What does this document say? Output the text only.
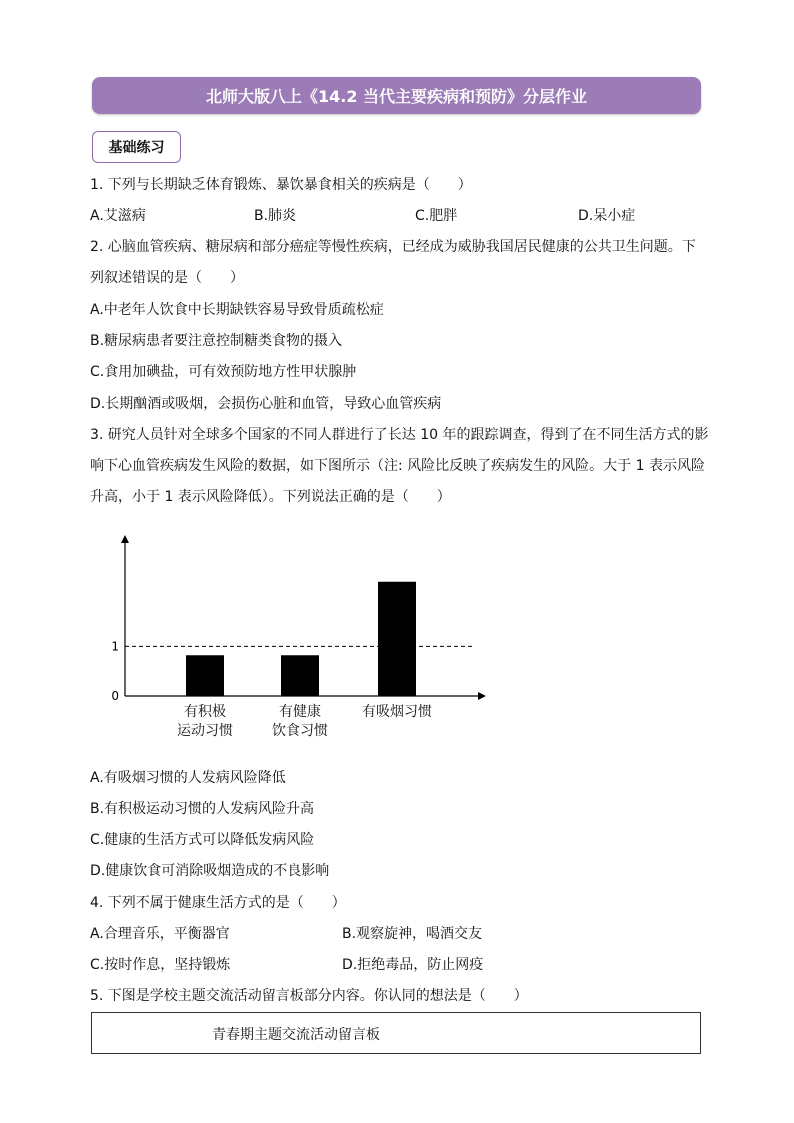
北师大版八上《14.2 当代主要疾病和预防》分层作业
基础练习
1. 下列与长期缺乏体育锻炼、暴饮暴食相关的疾病是（　　）
A.艾滋病	B.肺炎	C.肥胖	D.呆小症
2. 心脑血管疾病、糖尿病和部分癌症等慢性疾病，已经成为威胁我国居民健康的公共卫生问题。下
列叙述错误的是（　　）
A.中老年人饮食中长期缺铁容易导致骨质疏松症
B.糖尿病患者要注意控制糖类食物的摄入
C.食用加碘盐，可有效预防地方性甲状腺肿
D.长期酗酒或吸烟，会损伤心脏和血管，导致心血管疾病
3. 研究人员针对全球多个国家的不同人群进行了长达 10 年的跟踪调查，得到了在不同生活方式的影
响下心血管疾病发生风险的数据，如下图所示（注: 风险比反映了疾病发生的风险。大于 1 表示风险
升高，小于 1 表示风险降低）。下列说法正确的是（　　）
0
1
有积极
运动习惯
有健康
饮食习惯
有吸烟习惯
A.有吸烟习惯的人发病风险降低
B.有积极运动习惯的人发病风险升高
C.健康的生活方式可以降低发病风险
D.健康饮食可消除吸烟造成的不良影响
4. 下列不属于健康生活方式的是（　　）
A.合理音乐，平衡器官	B.观察旋神，喝酒交友
C.按时作息，坚持锻炼	D.拒绝毒品，防止网疫
5. 下图是学校主题交流活动留言板部分内容。你认同的想法是（　　）
青春期主题交流活动留言板
